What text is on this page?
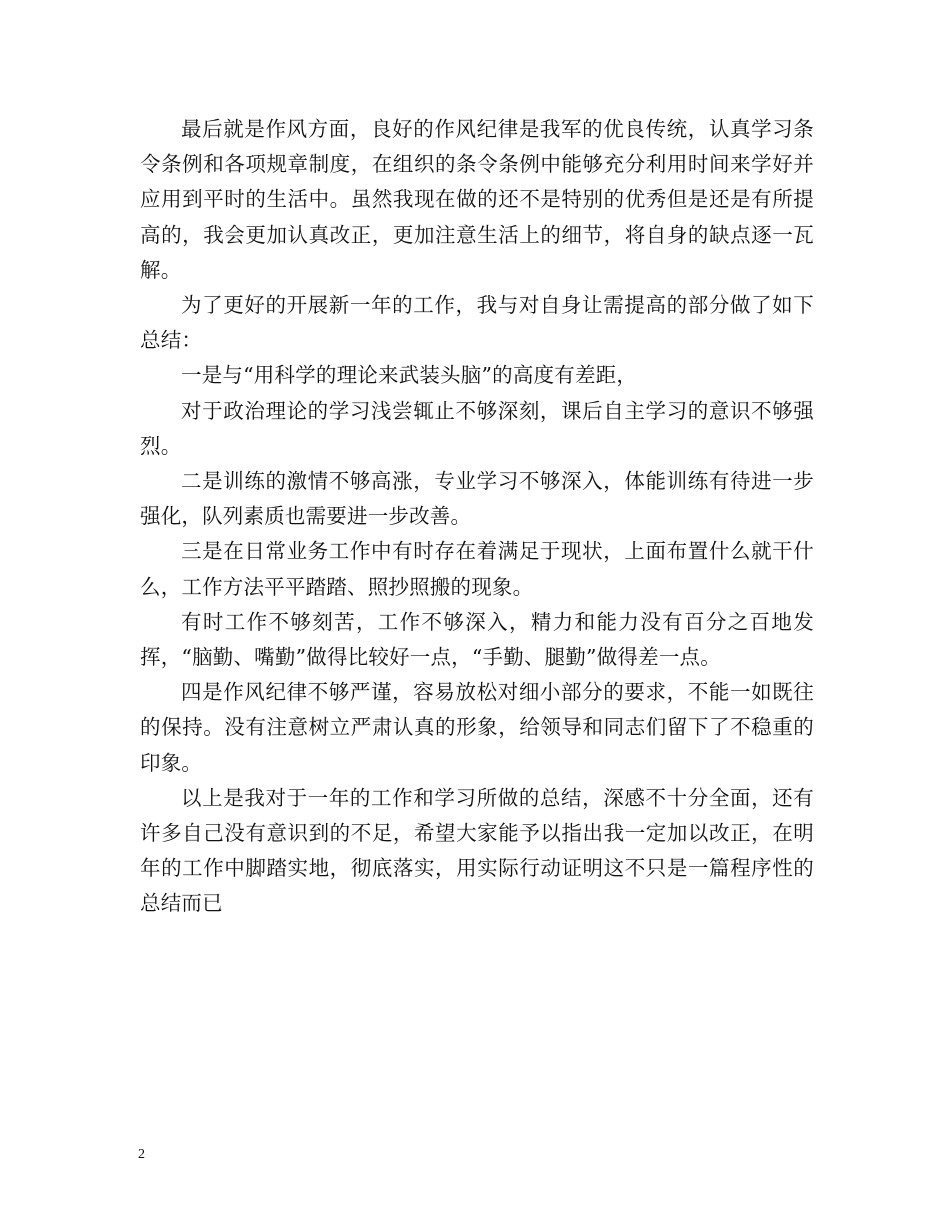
最后就是作风方面，良好的作风纪律是我军的优良传统，认真学习条令条例和各项规章制度，在组织的条令条例中能够充分利用时间来学好并应用到平时的生活中。虽然我现在做的还不是特别的优秀但是还是有所提高的，我会更加认真改正，更加注意生活上的细节，将自身的缺点逐一瓦解。

为了更好的开展新一年的工作，我与对自身让需提高的部分做了如下总结：

一是与“用科学的理论来武装头脑”的高度有差距，

对于政治理论的学习浅尝辄止不够深刻，课后自主学习的意识不够强烈。

二是训练的激情不够高涨，专业学习不够深入，体能训练有待进一步强化，队列素质也需要进一步改善。

三是在日常业务工作中有时存在着满足于现状，上面布置什么就干什么，工作方法平平踏踏、照抄照搬的现象。

有时工作不够刻苦，工作不够深入，精力和能力没有百分之百地发挥，“脑勤、嘴勤”做得比较好一点，“手勤、腿勤”做得差一点。

四是作风纪律不够严谨，容易放松对细小部分的要求，不能一如既往的保持。没有注意树立严肃认真的形象，给领导和同志们留下了不稳重的印象。

以上是我对于一年的工作和学习所做的总结，深感不十分全面，还有许多自己没有意识到的不足，希望大家能予以指出我一定加以改正，在明年的工作中脚踏实地，彻底落实，用实际行动证明这不只是一篇程序性的总结而已

2
